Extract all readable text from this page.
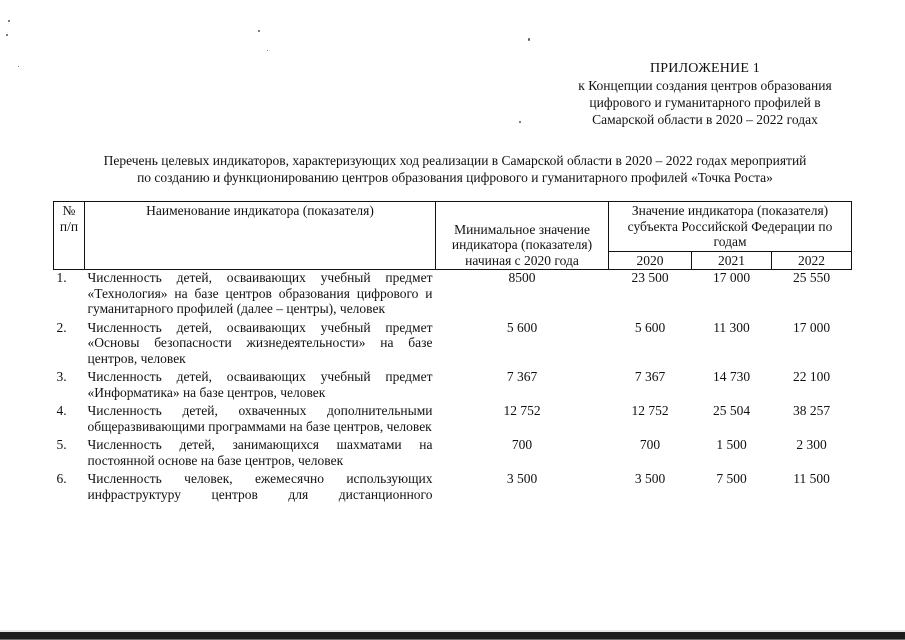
ПРИЛОЖЕНИЕ 1
к Концепции создания центров образования
цифрового и гуманитарного профилей в
Самарской области в 2020 – 2022 годах
Перечень целевых индикаторов, характеризующих ход реализации в Самарской области в 2020 – 2022 годах мероприятий
по созданию и функционированию центров образования цифрового и гуманитарного профилей «Точка Роста»
№ п/п	Наименование индикатора (показателя)	Минимальное значение индикатора (показателя) начиная с 2020 года	Значение индикатора (показателя) субъекта Российской Федерации по годам		
			2020	2021	2022
1.	Численность детей, осваивающих учебный предмет «Технология» на базе центров образования цифрового и гуманитарного профилей (далее – центры), человек	8500	23 500	17 000	25 550
2.	Численность детей, осваивающих учебный предмет «Основы безопасности жизнедеятельности» на базе центров, человек	5 600	5 600	11 300	17 000
3.	Численность детей, осваивающих учебный предмет «Информатика» на базе центров, человек	7 367	7 367	14 730	22 100
4.	Численность детей, охваченных дополнительными общеразвивающими программами на базе центров, человек	12 752	12 752	25 504	38 257
5.	Численность детей, занимающихся шахматами на постоянной основе на базе центров, человек	700	700	1 500	2 300
6.	Численность человек, ежемесячно использующих инфраструктуру центров для дистанционного	3 500	3 500	7 500	11 500
